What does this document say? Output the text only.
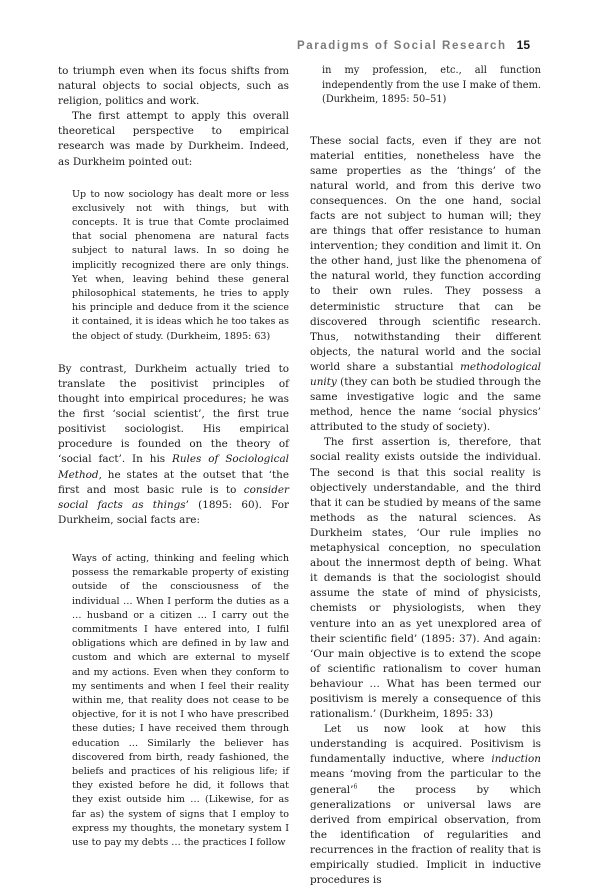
Paradigms of Social Research 15

to triumph even when its focus shifts from natural objects to social objects, such as religion, politics and work.

The first attempt to apply this overall theoretical perspective to empirical research was made by Durkheim. Indeed, as Durkheim pointed out:

Up to now sociology has dealt more or less exclusively not with things, but with concepts. It is true that Comte proclaimed that social phenomena are natural facts subject to natural laws. In so doing he implicitly recognized there are only things. Yet when, leaving behind these general philosophical statements, he tries to apply his principle and deduce from it the science it contained, it is ideas which he too takes as the object of study. (Durkheim, 1895: 63)

By contrast, Durkheim actually tried to translate the positivist principles of thought into empirical procedures; he was the first ‘social scientist’, the first true positivist sociologist. His empirical procedure is founded on the theory of ‘social fact’. In his Rules of Sociological Method, he states at the outset that ‘the first and most basic rule is to consider social facts as things’ (1895: 60). For Durkheim, social facts are:

Ways of acting, thinking and feeling which possess the remarkable property of existing outside of the consciousness of the individual … When I perform the duties as a … husband or a citizen … I carry out the commitments I have entered into, I fulfil obligations which are defined in by law and custom and which are external to myself and my actions. Even when they conform to my sentiments and when I feel their reality within me, that reality does not cease to be objective, for it is not I who have prescribed these duties; I have received them through education … Similarly the believer has discovered from birth, ready fashioned, the beliefs and practices of his religious life; if they existed before he did, it follows that they exist outside him … (Likewise, for as far as) the system of signs that I employ to express my thoughts, the monetary system I use to pay my debts … the practices I follow
in my profession, etc., all function independently from the use I make of them. (Durkheim, 1895: 50–51)

These social facts, even if they are not material entities, nonetheless have the same properties as the ‘things’ of the natural world, and from this derive two consequences. On the one hand, social facts are not subject to human will; they are things that offer resistance to human intervention; they condition and limit it. On the other hand, just like the phenomena of the natural world, they function according to their own rules. They possess a deterministic structure that can be discovered through scientific research. Thus, notwithstanding their different objects, the natural world and the social world share a substantial methodological unity (they can both be studied through the same investigative logic and the same method, hence the name ‘social physics’ attributed to the study of society).

The first assertion is, therefore, that social reality exists outside the individual. The second is that this social reality is objectively understandable, and the third that it can be studied by means of the same methods as the natural sciences. As Durkheim states, ‘Our rule implies no metaphysical conception, no speculation about the innermost depth of being. What it demands is that the sociologist should assume the state of mind of physicists, chemists or physiologists, when they venture into an as yet unexplored area of their scientific field’ (1895: 37). And again: ‘Our main objective is to extend the scope of scientific rationalism to cover human behaviour … What has been termed our positivism is merely a consequence of this rationalism.’ (Durkheim, 1895: 33)

Let us now look at how this understanding is acquired. Positivism is fundamentally inductive, where induction means ‘moving from the particular to the general’$^6$ the process by which generalizations or universal laws are derived from empirical observation, from the identification of regularities and recurrences in the fraction of reality that is empirically studied. Implicit in inductive procedures is
